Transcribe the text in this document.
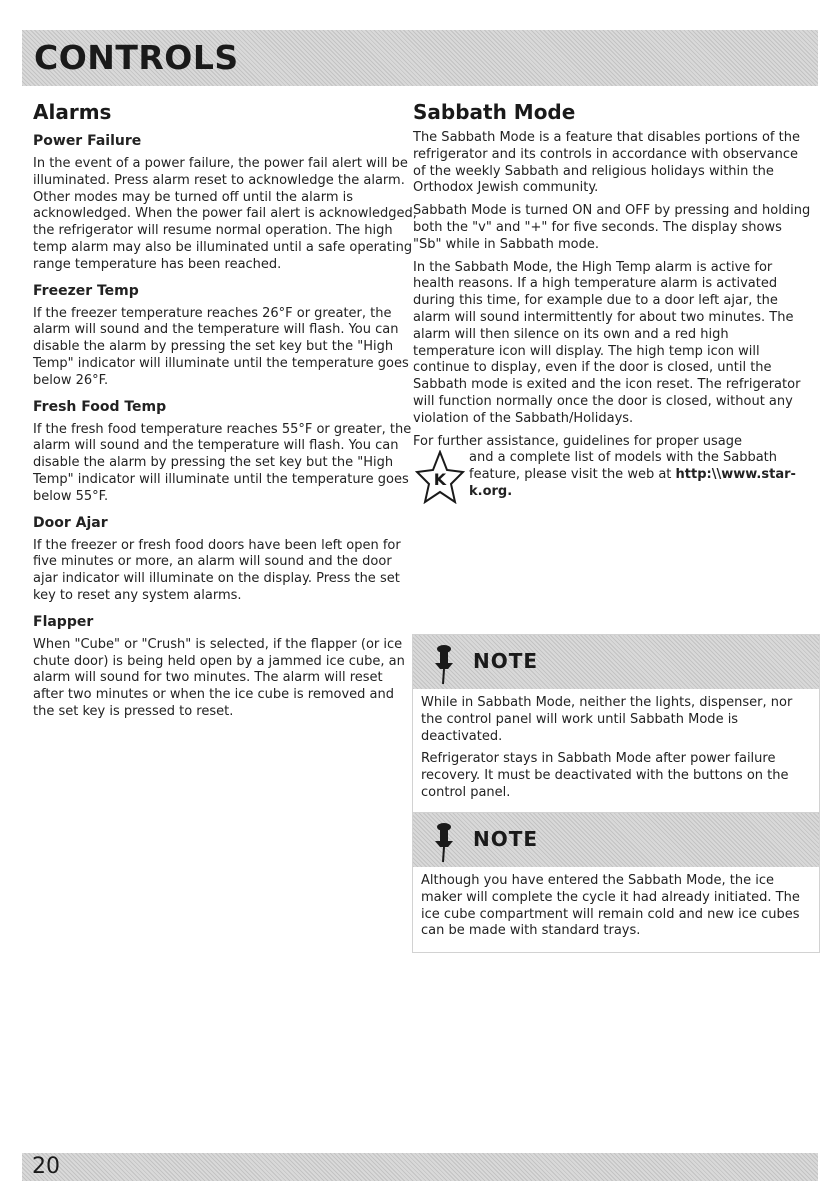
CONTROLS
Alarms
Power Failure

In the event of a power failure, the power fail alert will be illuminated. Press alarm reset to acknowledge the alarm. Other modes may be turned off until the alarm is acknowledged. When the power fail alert is acknowledged, the refrigerator will resume normal operation. The high temp alarm may also be illuminated until a safe operating range temperature has been reached.

Freezer Temp

If the freezer temperature reaches 26°F or greater, the alarm will sound and the temperature will flash. You can disable the alarm by pressing the set key but the "High Temp" indicator will illuminate until the temperature goes below 26°F.

Fresh Food Temp

If the fresh food temperature reaches 55°F or greater, the alarm will sound and the temperature will flash. You can disable the alarm by pressing the set key but the "High Temp" indicator will illuminate until the temperature goes below 55°F.

Door Ajar

If the freezer or fresh food doors have been left open for five minutes or more, an alarm will sound and the door ajar indicator will illuminate on the display. Press the set key to reset any system alarms.

Flapper

When "Cube" or "Crush" is selected, if the flapper (or ice chute door) is being held open by a jammed ice cube, an alarm will sound for two minutes. The alarm will reset after two minutes or when the ice cube is removed and the set key is pressed to reset.

Sabbath Mode

The Sabbath Mode is a feature that disables portions of the refrigerator and its controls in accordance with observance of the weekly Sabbath and religious holidays within the Orthodox Jewish community.

Sabbath Mode is turned ON and OFF by pressing and holding both the "v" and "+" for five seconds. The display shows "Sb" while in Sabbath mode.

In the Sabbath Mode, the High Temp alarm is active for health reasons. If a high temperature alarm is activated during this time, for example due to a door left ajar, the alarm will sound intermittently for about two minutes. The alarm will then silence on its own and a red high temperature icon will display. The high temp icon will continue to display, even if the door is closed, until the Sabbath mode is exited and the icon reset. The refrigerator will function normally once the door is closed, without any violation of the Sabbath/Holidays.

For further assistance, guidelines for proper usage

K
and a complete list of models with the Sabbath feature, please visit the web at http:\\www.star-k.org.
NOTE

While in Sabbath Mode, neither the lights, dispenser, nor the control panel will work until Sabbath Mode is deactivated.

Refrigerator stays in Sabbath Mode after power failure recovery. It must be deactivated with the buttons on the control panel.

NOTE

Although you have entered the Sabbath Mode, the ice maker will complete the cycle it had already initiated. The ice cube compartment will remain cold and new ice cubes can be made with standard trays.

20
